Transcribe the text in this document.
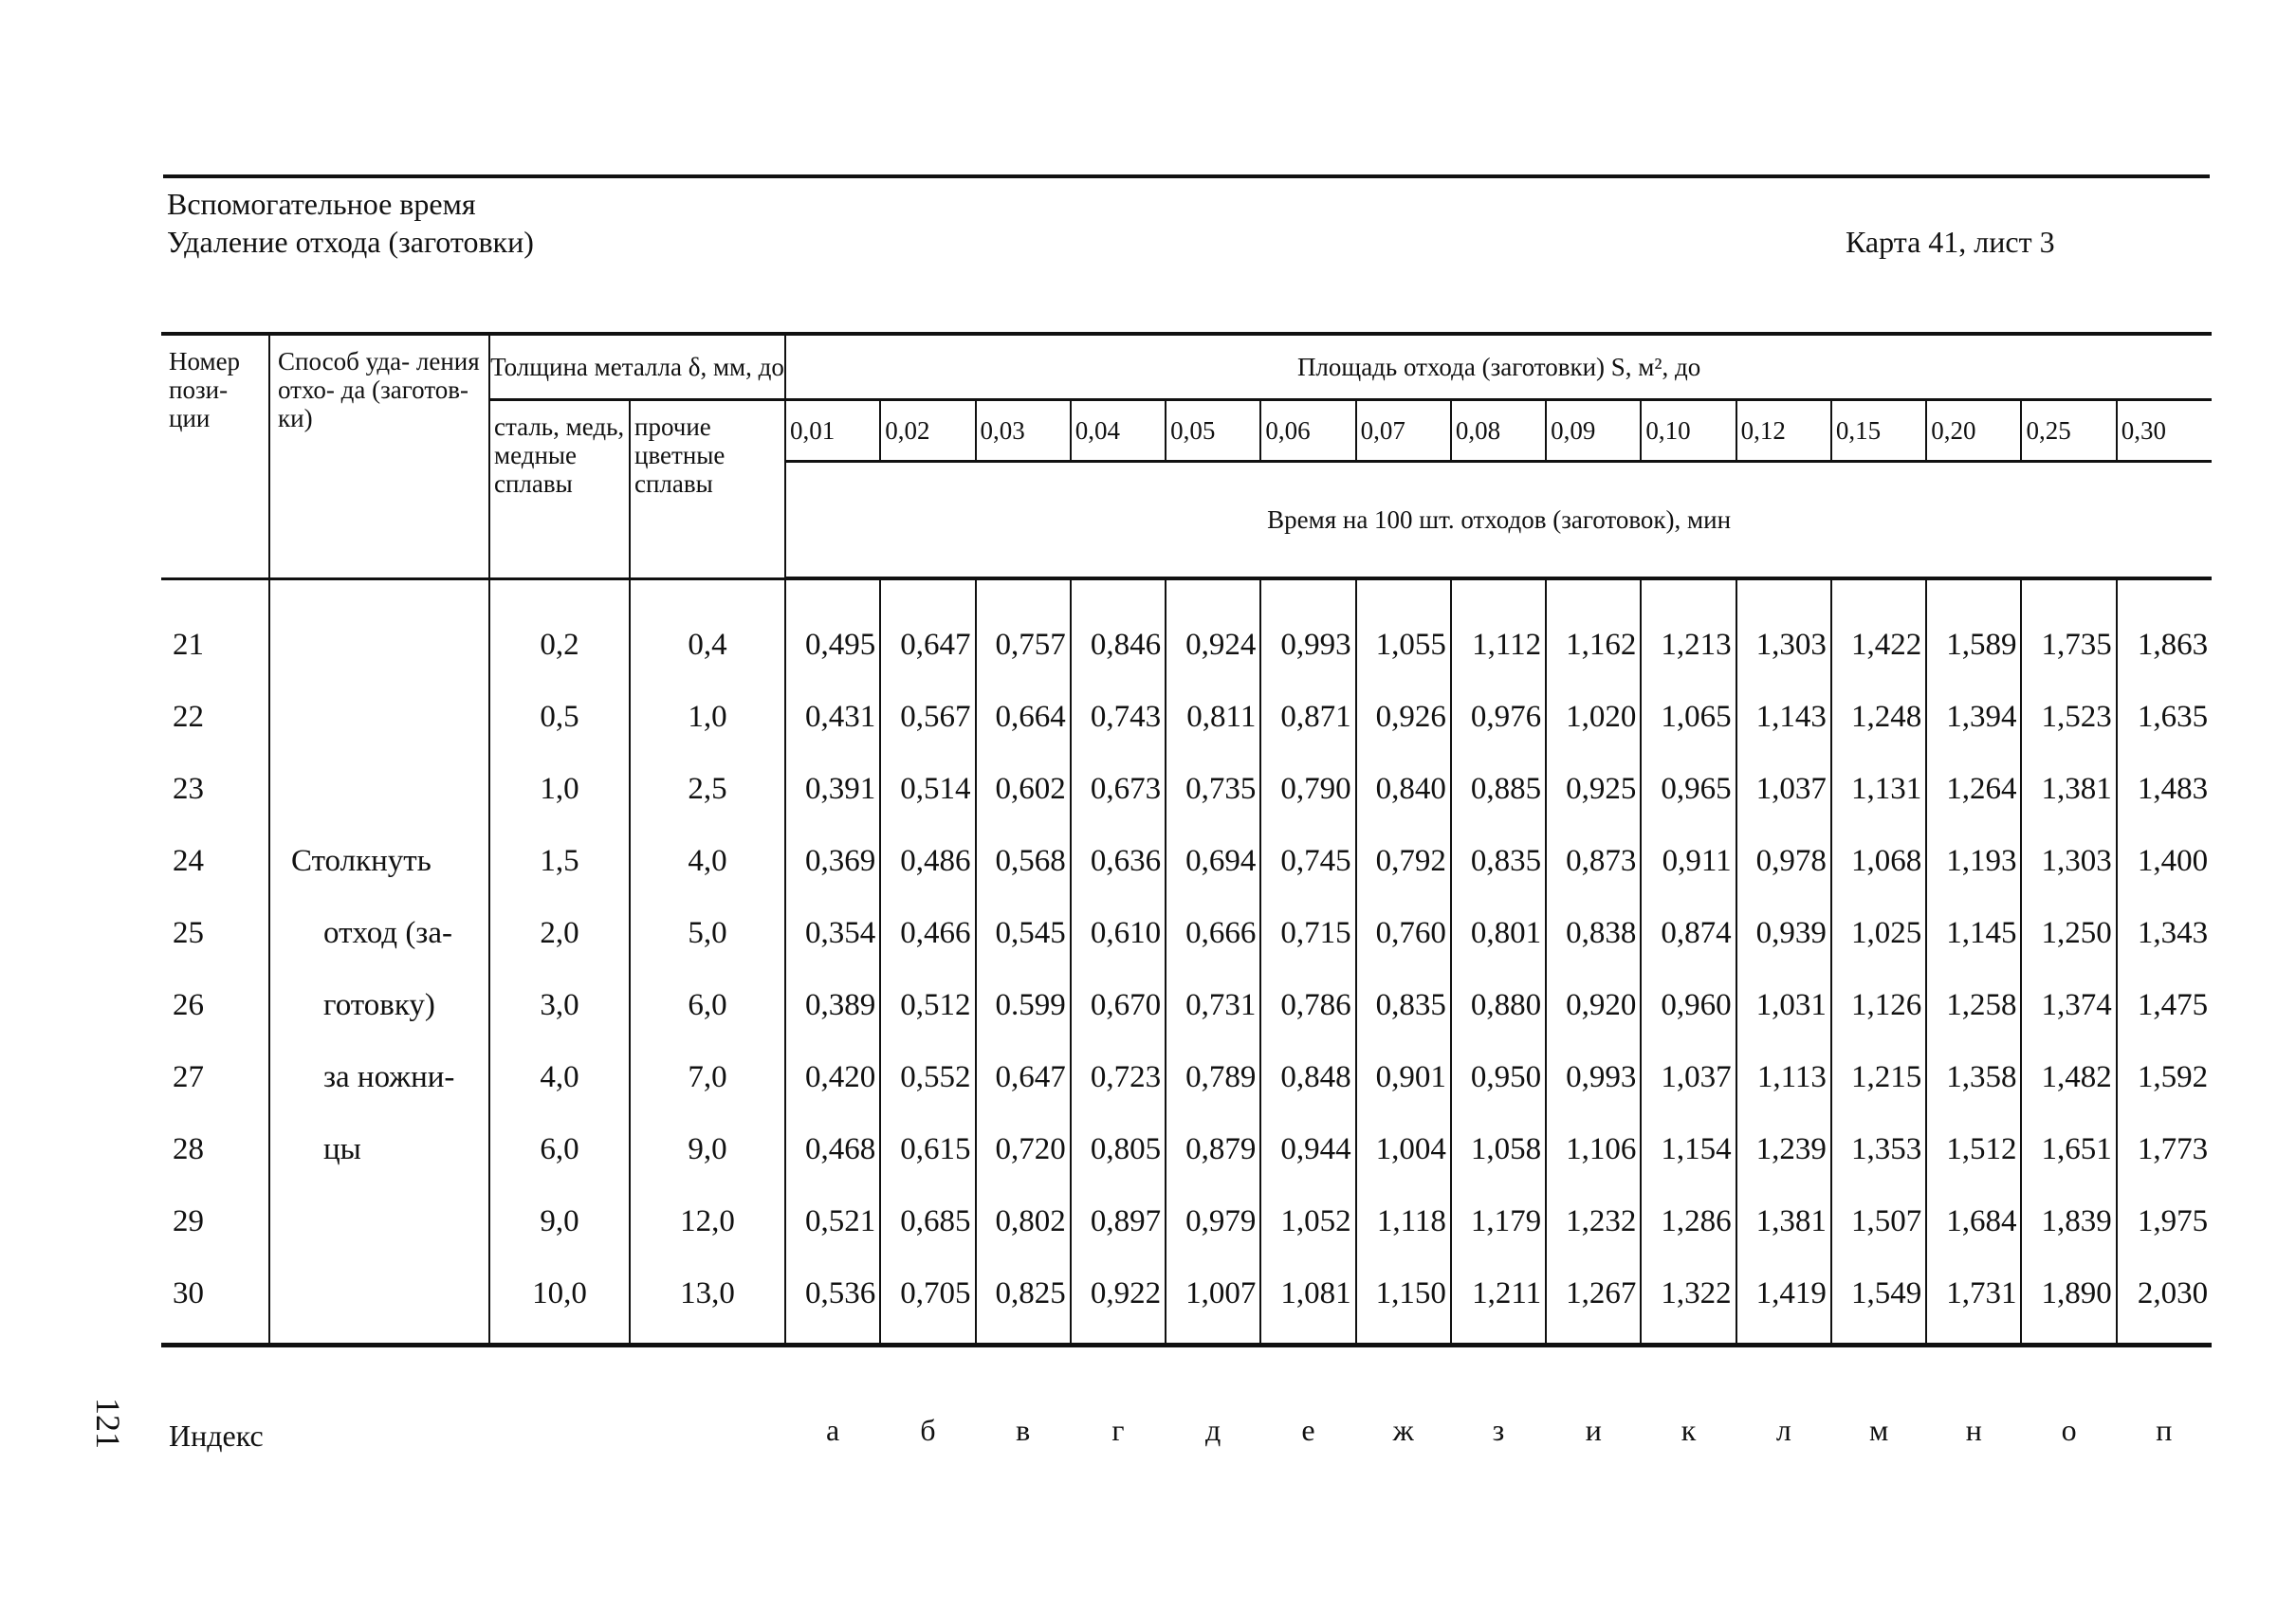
Вспомогательное время
Удаление отхода (заготовки)	Карта 41, лист 3
Номер пози- ции	Способ уда- ления отхо- да (заготов- ки)	Толщина металла δ, мм, до		Площадь отхода (заготовки) S, м², до														
		сталь, медь, медные сплавы	прочие цветные сплавы	0,01	0,02	0,03	0,04	0,05	0,06	0,07	0,08	0,09	0,10	0,12	0,15	0,20	0,25	0,30
				Время на 100 шт. отходов (заготовок), мин														

21		0,2	0,4	0,495	0,647	0,757	0,846	0,924	0,993	1,055	1,112	1,162	1,213	1,303	1,422	1,589	1,735	1,863
22		0,5	1,0	0,431	0,567	0,664	0,743	0,811	0,871	0,926	0,976	1,020	1,065	1,143	1,248	1,394	1,523	1,635
23		1,0	2,5	0,391	0,514	0,602	0,673	0,735	0,790	0,840	0,885	0,925	0,965	1,037	1,131	1,264	1,381	1,483
24	Столкнуть	1,5	4,0	0,369	0,486	0,568	0,636	0,694	0,745	0,792	0,835	0,873	0,911	0,978	1,068	1,193	1,303	1,400
25	отход (за-	2,0	5,0	0,354	0,466	0,545	0,610	0,666	0,715	0,760	0,801	0,838	0,874	0,939	1,025	1,145	1,250	1,343
26	готовку)	3,0	6,0	0,389	0,512	0.599	0,670	0,731	0,786	0,835	0,880	0,920	0,960	1,031	1,126	1,258	1,374	1,475
27	за ножни-	4,0	7,0	0,420	0,552	0,647	0,723	0,789	0,848	0,901	0,950	0,993	1,037	1,113	1,215	1,358	1,482	1,592
28	цы	6,0	9,0	0,468	0,615	0,720	0,805	0,879	0,944	1,004	1,058	1,106	1,154	1,239	1,353	1,512	1,651	1,773
29		9,0	12,0	0,521	0,685	0,802	0,897	0,979	1,052	1,118	1,179	1,232	1,286	1,381	1,507	1,684	1,839	1,975
30		10,0	13,0	0,536	0,705	0,825	0,922	1,007	1,081	1,150	1,211	1,267	1,322	1,419	1,549	1,731	1,890	2,030

Индекс	а	б	в	г	д	е	ж	з	и	к	л	м	н	о	п
121
